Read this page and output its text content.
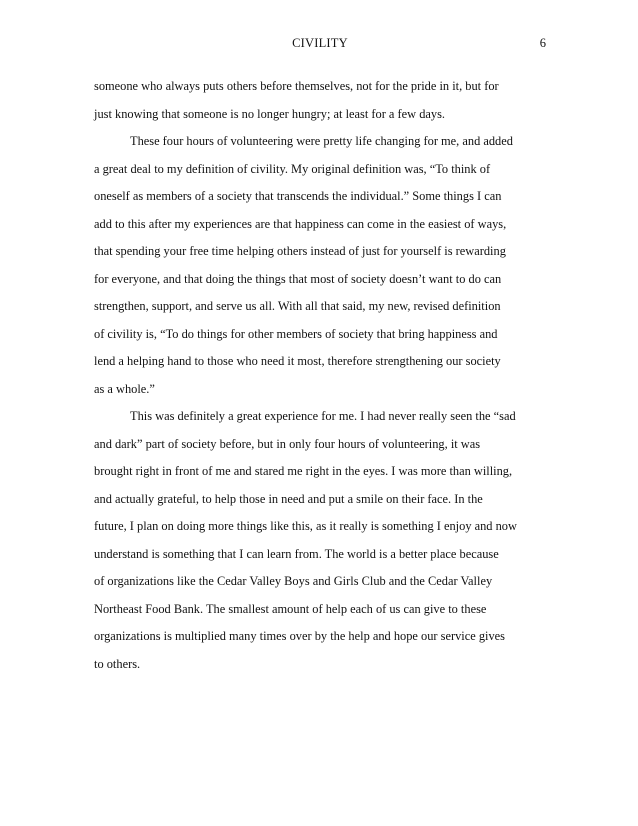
CIVILITY	6
someone who always puts others before themselves, not for the pride in it, but for
just knowing that someone is no longer hungry; at least for a few days.
These four hours of volunteering were pretty life changing for me, and added
a great deal to my definition of civility. My original definition was, “To think of
oneself as members of a society that transcends the individual.” Some things I can
add to this after my experiences are that happiness can come in the easiest of ways,
that spending your free time helping others instead of just for yourself is rewarding
for everyone, and that doing the things that most of society doesn’t want to do can
strengthen, support, and serve us all. With all that said, my new, revised definition
of civility is, “To do things for other members of society that bring happiness and
lend a helping hand to those who need it most, therefore strengthening our society
as a whole.”
This was definitely a great experience for me. I had never really seen the “sad
and dark” part of society before, but in only four hours of volunteering, it was
brought right in front of me and stared me right in the eyes. I was more than willing,
and actually grateful, to help those in need and put a smile on their face. In the
future, I plan on doing more things like this, as it really is something I enjoy and now
understand is something that I can learn from. The world is a better place because
of organizations like the Cedar Valley Boys and Girls Club and the Cedar Valley
Northeast Food Bank. The smallest amount of help each of us can give to these
organizations is multiplied many times over by the help and hope our service gives
to others.
